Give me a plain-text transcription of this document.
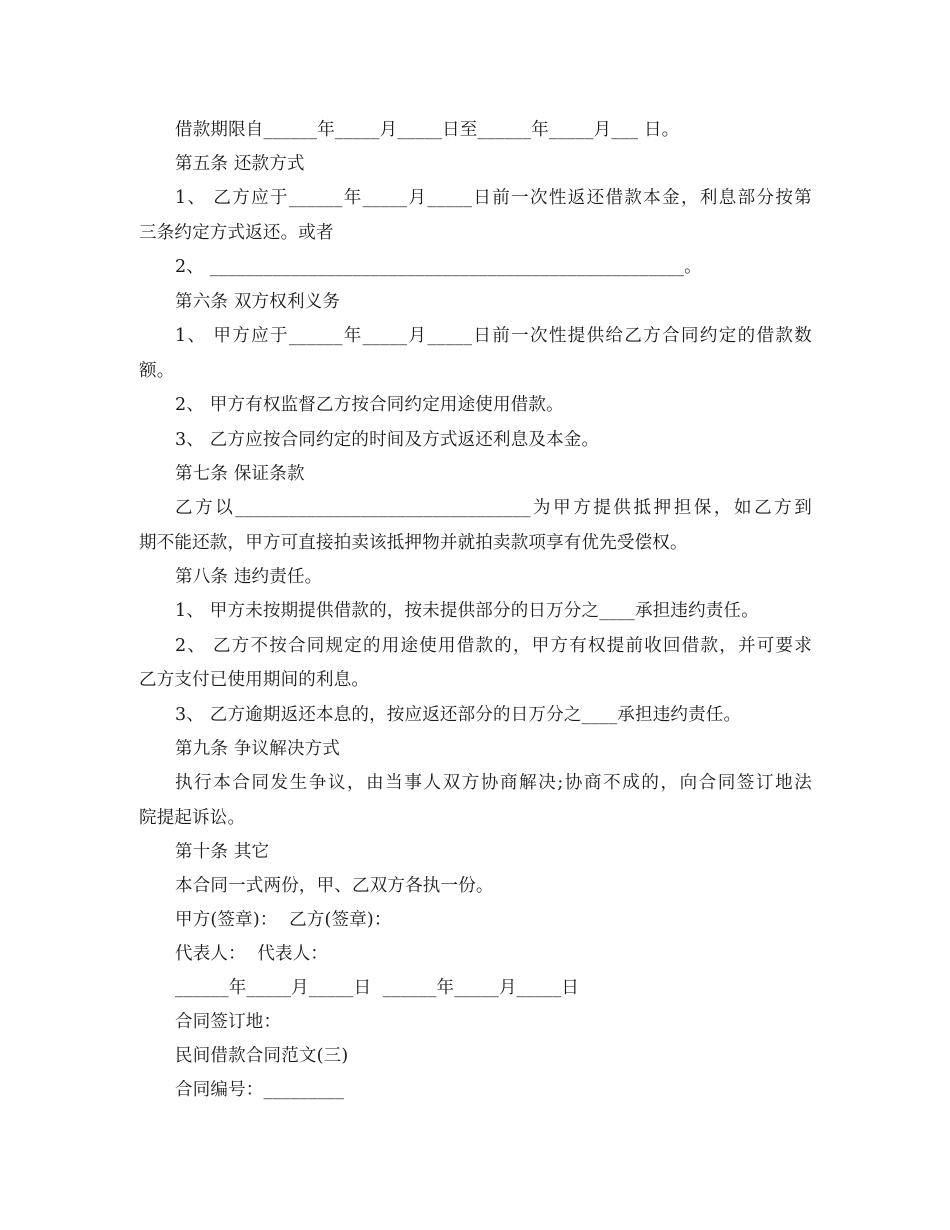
借款期限自______年_____月_____日至______年_____月___ 日。
第五条 还款方式
1、 乙方应于______年_____月_____日前一次性返还借款本金，利息部分按第
三条约定方式返还。或者
2、 _____________________________________________________。
第六条 双方权利义务
1、 甲方应于______年_____月_____日前一次性提供给乙方合同约定的借款数
额。
2、 甲方有权监督乙方按合同约定用途使用借款。
3、 乙方应按合同约定的时间及方式返还利息及本金。
第七条 保证条款
乙方以_________________________________为甲方提供抵押担保，如乙方到
期不能还款，甲方可直接拍卖该抵押物并就拍卖款项享有优先受偿权。
第八条 违约责任。
1、 甲方未按期提供借款的，按未提供部分的日万分之____承担违约责任。
2、 乙方不按合同规定的用途使用借款的，甲方有权提前收回借款，并可要求
乙方支付已使用期间的利息。
3、 乙方逾期返还本息的，按应返还部分的日万分之____承担违约责任。
第九条 争议解决方式
执行本合同发生争议，由当事人双方协商解决;协商不成的，向合同签订地法
院提起诉讼。
第十条 其它
本合同一式两份，甲、乙双方各执一份。
甲方(签章)：  乙方(签章)：
代表人：  代表人：
______年_____月_____日  ______年_____月_____日
合同签订地：
民间借款合同范文(三)
合同编号：_________
